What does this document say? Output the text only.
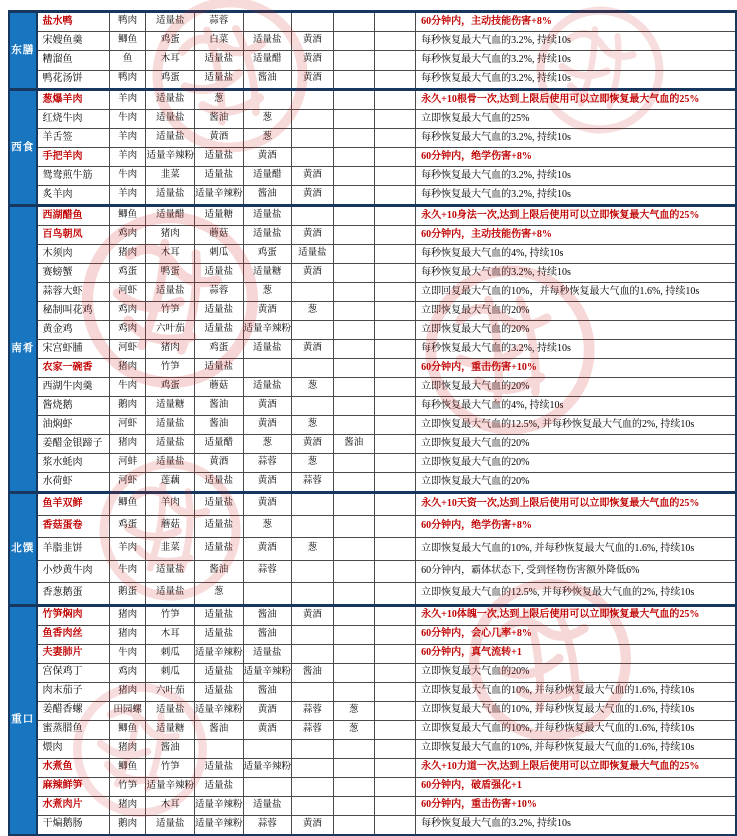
东膳	盐水鸭	鸭肉	适量盐	蒜蓉					60分钟内，主动技能伤害+8%
	宋嫂鱼羹	鲫鱼	鸡蛋	白菜	适量盐	黄酒			每秒恢复最大气血的3.2%, 持续10s
	糟溜鱼	鱼	木耳	适量盐	适量醋	黄酒			每秒恢复最大气血的3.2%, 持续10s
	鸭花汤饼	鸭肉	鸡蛋	适量盐	酱油	黄酒			每秒恢复最大气血的3.2%, 持续10s
西食	葱爆羊肉	羊肉	适量盐	葱					永久+10根骨一次,达到上限后使用可以立即恢复最大气血的25%
	红烧牛肉	牛肉	适量盐	酱油	葱				立即恢复最大气血的25%
	羊舌签	羊肉	适量盐	黄酒	葱				每秒恢复最大气血的3.2%, 持续10s
	手把羊肉	羊肉	适量辛辣粉	适量盐	黄酒				60分钟内，绝学伤害+8%
	鸳鸯煎牛筋	牛肉	韭菜	适量盐	适量醋	黄酒			每秒恢复最大气血的3.2%, 持续10s
	炙羊肉	羊肉	适量盐	适量辛辣粉	酱油	黄酒			每秒恢复最大气血的3.2%, 持续10s
南肴	西湖醋鱼	鲫鱼	适量醋	适量糖	适量盐				永久+10身法一次,达到上限后使用可以立即恢复最大气血的25%
	百鸟朝凤	鸡肉	猪肉	蘑菇	适量盐	黄酒			60分钟内，主动技能伤害+8%
	木须肉	猪肉	木耳	刺瓜	鸡蛋	适量盐			每秒恢复最大气血的4%, 持续10s
	赛螃蟹	鸡蛋	鸭蛋	适量盐	适量糖	黄酒			每秒恢复最大气血的3.2%, 持续10s
	蒜蓉大虾	河虾	适量盐	蒜蓉	葱				立即回复最大气血的10%，并每秒恢复最大气血的1.6%, 持续10s
	秘制叫花鸡	鸡肉	竹笋	适量盐	黄酒	葱			立即恢复最大气血的20%
	黄金鸡	鸡肉	六叶茄	适量盐	适量辛辣粉				立即恢复最大气血的20%
	宋宫虾脯	河虾	猪肉	鸡蛋	适量盐	黄酒			每秒恢复最大气血的3.2%, 持续10s
	农家一碗香	猪肉	竹笋	适量盐					60分钟内，重击伤害+10%
	西湖牛肉羹	牛肉	鸡蛋	蘑菇	适量盐	葱			立即恢复最大气血的20%
	酱烧鹅	鹅肉	适量糖	酱油	黄酒				每秒恢复最大气血的4%, 持续10s
	油焖虾	河虾	适量盐	酱油	黄酒	葱			立即恢复最大气血的12.5%, 并每秒恢复最大气血的2%, 持续10s
	姜醋金银蹄子	猪肉	适量盐	适量醋	葱	黄酒	酱油		立即恢复最大气血的20%
	浆水蚝肉	河蚌	适量盐	黄酒	蒜蓉	葱			立即恢复最大气血的20%
	水荷虾	河虾	莲藕	适量盐	黄酒	蒜蓉			立即恢复最大气血的20%
北馔	鱼羊双鲜	鲫鱼	羊肉	适量盐	黄酒				永久+10天资一次,达到上限后使用可以立即恢复最大气血的25%
	香菇蛋卷	鸡蛋	蘑菇	适量盐	葱				60分钟内，绝学伤害+8%
	羊脂韭饼	羊肉	韭菜	适量盐	黄酒	葱			立即恢复最大气血的10%, 并每秒恢复最大气血的1.6%, 持续10s
	小炒黄牛肉	牛肉	适量盐	酱油	蒜蓉				60分钟内，霸体状态下, 受到怪物伤害额外降低6%
	香葱鹅蛋	鹅蛋	适量盐	葱					立即恢复最大气血的12.5%, 并每秒恢复最大气血的2%, 持续10s
重口	竹笋焖肉	猪肉	竹笋	适量盐	酱油	黄酒			永久+10体魄一次,达到上限后使用可以立即恢复最大气血的25%
	鱼香肉丝	猪肉	木耳	适量盐	酱油				60分钟内，会心几率+8%
	夫妻肺片	牛肉	刺瓜	适量辛辣粉	适量盐				60分钟内，真气流转+1
	宫保鸡丁	鸡肉	刺瓜	适量盐	适量辛辣粉	酱油			立即恢复最大气血的20%
	肉末茄子	猪肉	六叶茄	适量盐	酱油				立即恢复最大气血的10%, 并每秒恢复最大气血的1.6%, 持续10s
	姜醋香螺	田园螺	适量盐	适量辛辣粉	黄酒	蒜蓉	葱		立即恢复最大气血的10%, 并每秒恢复最大气血的1.6%, 持续10s
	蜜蒸腊鱼	鲫鱼	适量糖	酱油	黄酒	蒜蓉	葱		立即恢复最大气血的10%, 并每秒恢复最大气血的1.6%, 持续10s
	煨肉	猪肉	酱油						立即恢复最大气血的10%, 并每秒恢复最大气血的1.6%, 持续10s
	水煮鱼	鲫鱼	竹笋	适量盐	适量辛辣粉				永久+10力道一次,达到上限后使用可以立即恢复最大气血的25%
	麻辣鲜笋	竹笋	适量辛辣粉	适量盐					60分钟内，破盾强化+1
	水煮肉片	猪肉	木耳	适量辛辣粉	适量盐				60分钟内，重击伤害+10%
	干煸鹅肠	鹅肉	适量盐	适量辛辣粉	蒜蓉	黄酒			每秒恢复最大气血的3.2%, 持续10s
